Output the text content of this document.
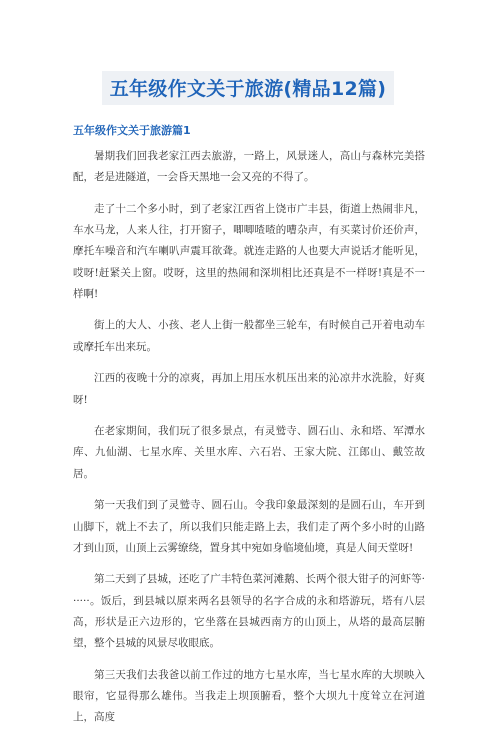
五年级作文关于旅游(精品12篇)
五年级作文关于旅游篇1

暑期我们回我老家江西去旅游，一路上，风景迷人，高山与森林完美搭配，老是进隧道，一会昏天黑地一会又亮的不得了。

走了十二个多小时，到了老家江西省上饶市广丰县，街道上热闹非凡，车水马龙，人来人往，打开窗子，唧唧喳喳的嘈杂声，有买菜讨价还价声，摩托车噪音和汽车喇叭声震耳欲聋。就连走路的人也要大声说话才能听见，哎呀!赶紧关上窗。哎呀，这里的热闹和深圳相比还真是不一样呀!真是不一样啊!

街上的大人、小孩、老人上街一般都坐三轮车，有时候自己开着电动车或摩托车出来玩。

江西的夜晚十分的凉爽，再加上用压水机压出来的沁凉井水洗脸，好爽呀!

在老家期间，我们玩了很多景点，有灵鹫寺、圆石山、永和塔、军潭水库、九仙湖、七星水库、关里水库、六石岩、王家大院、江郎山、戴笠故居。

第一天我们到了灵鹫寺、圆石山。令我印象最深刻的是圆石山，车开到山脚下，就上不去了，所以我们只能走路上去，我们走了两个多小时的山路才到山顶，山顶上云雾缭绕，置身其中宛如身临境仙境，真是人间天堂呀!

第二天到了县城，还吃了广丰特色菜河滩鹅、长两个很大钳子的河虾等······。饭后，到县城以原来两名县领导的名字合成的永和塔游玩，塔有八层高，形状是正六边形的，它坐落在县城西南方的山顶上，从塔的最高层腑望，整个县城的风景尽收眼底。

第三天我们去我爸以前工作过的地方七星水库，当七星水库的大坝映入眼帘，它显得那么雄伟。当我走上坝顶腑看，整个大坝九十度耸立在河道上，高度
